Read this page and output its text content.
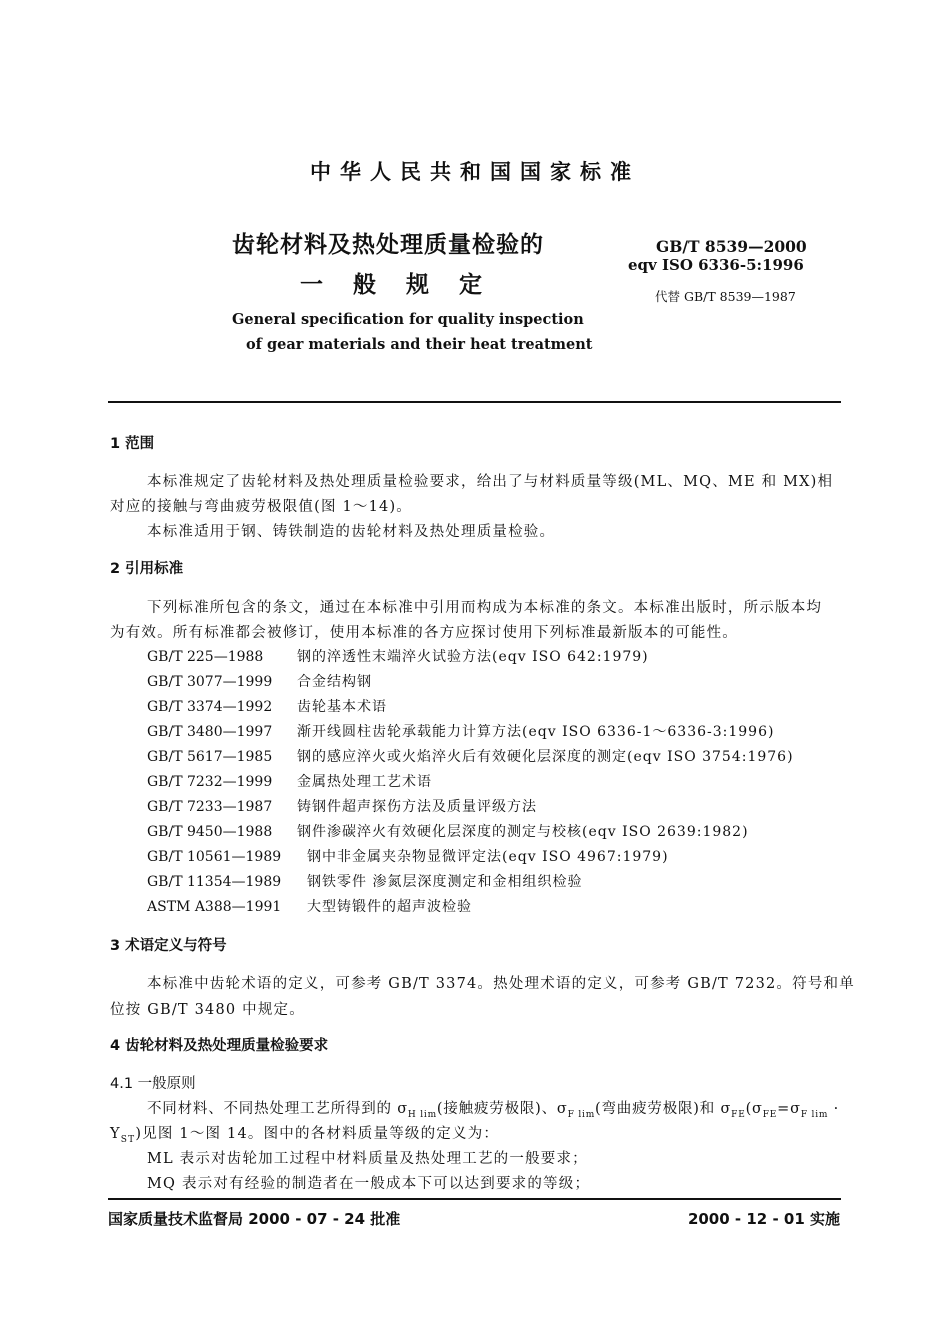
中华人民共和国国家标准
齿轮材料及热处理质量检验的
一般规定
General specification for quality inspection
of gear materials and their heat treatment
GB/T 8539—2000
eqv ISO 6336-5:1996
代替 GB/T 8539—1987
1 范围
本标准规定了齿轮材料及热处理质量检验要求，给出了与材料质量等级(ML、MQ、ME 和 MX)相
对应的接触与弯曲疲劳极限值(图 1～14)。
本标准适用于钢、铸铁制造的齿轮材料及热处理质量检验。
2 引用标准
下列标准所包含的条文，通过在本标准中引用而构成为本标准的条文。本标准出版时，所示版本均
为有效。所有标准都会被修订，使用本标准的各方应探讨使用下列标准最新版本的可能性。
GB/T 225—1988 钢的淬透性末端淬火试验方法(eqv ISO 642:1979)
GB/T 3077—1999 合金结构钢
GB/T 3374—1992 齿轮基本术语
GB/T 3480—1997 渐开线圆柱齿轮承载能力计算方法(eqv ISO 6336-1～6336-3:1996)
GB/T 5617—1985 钢的感应淬火或火焰淬火后有效硬化层深度的测定(eqv ISO 3754:1976)
GB/T 7232—1999 金属热处理工艺术语
GB/T 7233—1987 铸钢件超声探伤方法及质量评级方法
GB/T 9450—1988 钢件渗碳淬火有效硬化层深度的测定与校核(eqv ISO 2639:1982)
GB/T 10561—1989 钢中非金属夹杂物显微评定法(eqv ISO 4967:1979)
GB/T 11354—1989 钢铁零件 渗氮层深度测定和金相组织检验
ASTM A388—1991 大型铸锻件的超声波检验
3 术语定义与符号
本标准中齿轮术语的定义，可参考 GB/T 3374。热处理术语的定义，可参考 GB/T 7232。符号和单
位按 GB/T 3480 中规定。
4 齿轮材料及热处理质量检验要求
4.1 一般原则
不同材料、不同热处理工艺所得到的 $\sigma_{H lim}$(接触疲劳极限)、$\sigma_{F lim}$(弯曲疲劳极限)和 $\sigma_{FE}(\sigma_{FE}=\sigma_{F lim}$ ·
$Y_{ST}$)见图 1～图 14。图中的各材料质量等级的定义为：
ML 表示对齿轮加工过程中材料质量及热处理工艺的一般要求；
MQ 表示对有经验的制造者在一般成本下可以达到要求的等级；
国家质量技术监督局 2000 - 07 - 24 批准	2000 - 12 - 01 实施
